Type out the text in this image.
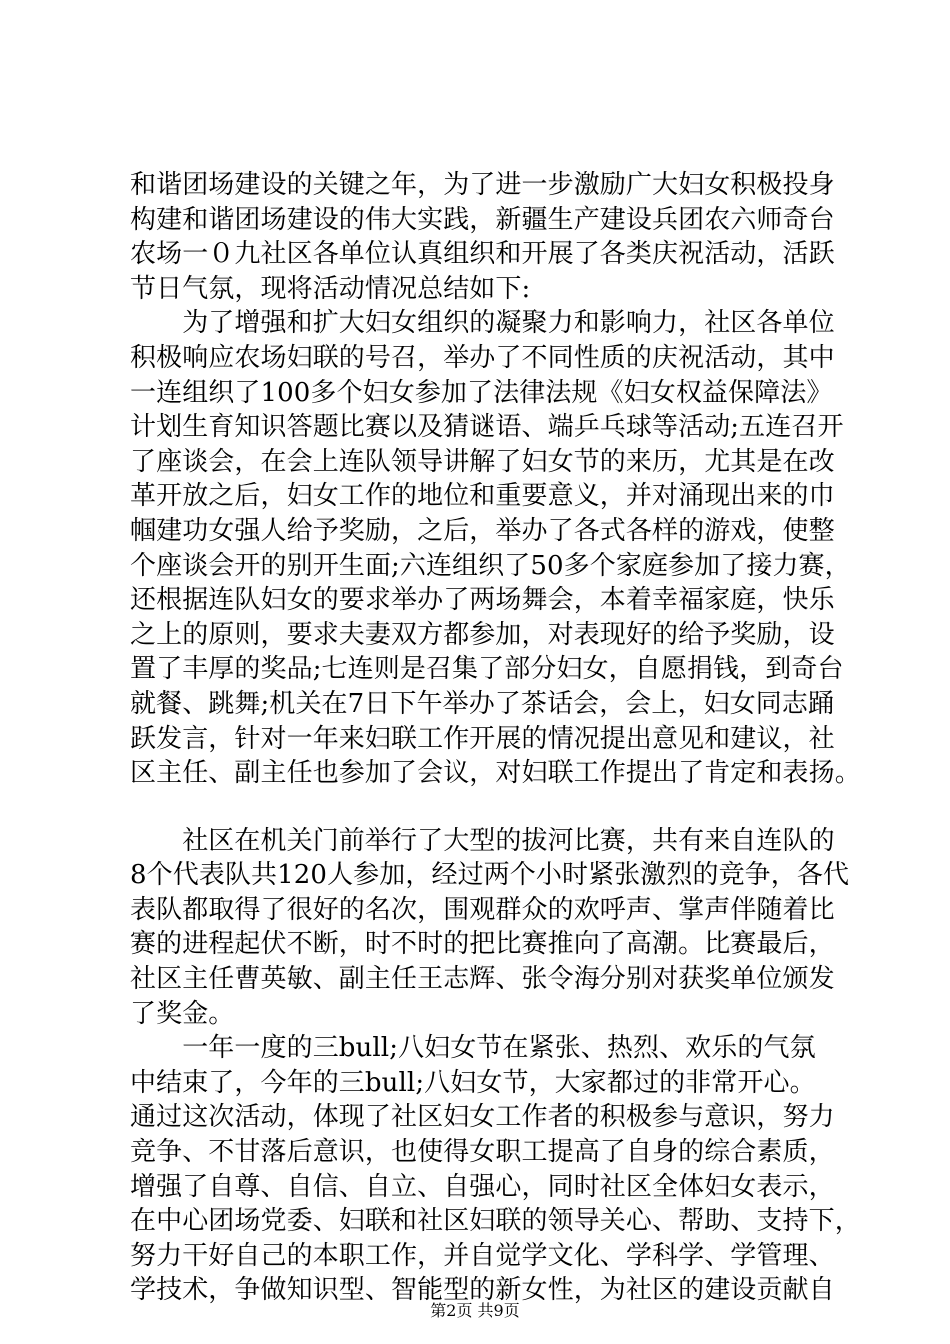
和谐团场建设的关键之年，为了进一步激励广大妇女积极投身
构建和谐团场建设的伟大实践，新疆生产建设兵团农六师奇台
农场一０九社区各单位认真组织和开展了各类庆祝活动，活跃
节日气氛，现将活动情况总结如下:
　　为了增强和扩大妇女组织的凝聚力和影响力，社区各单位
积极响应农场妇联的号召，举办了不同性质的庆祝活动，其中
一连组织了100多个妇女参加了法律法规《妇女权益保障法》
计划生育知识答题比赛以及猜谜语、端乒乓球等活动;五连召开
了座谈会，在会上连队领导讲解了妇女节的来历，尤其是在改
革开放之后，妇女工作的地位和重要意义，并对涌现出来的巾
帼建功女强人给予奖励，之后，举办了各式各样的游戏，使整
个座谈会开的别开生面;六连组织了50多个家庭参加了接力赛，
还根据连队妇女的要求举办了两场舞会，本着幸福家庭，快乐
之上的原则，要求夫妻双方都参加，对表现好的给予奖励，设
置了丰厚的奖品;七连则是召集了部分妇女，自愿捐钱，到奇台
就餐、跳舞;机关在7日下午举办了茶话会，会上，妇女同志踊
跃发言，针对一年来妇联工作开展的情况提出意见和建议，社
区主任、副主任也参加了会议，对妇联工作提出了肯定和表扬。
　　社区在机关门前举行了大型的拔河比赛，共有来自连队的
8个代表队共120人参加，经过两个小时紧张激烈的竞争，各代
表队都取得了很好的名次，围观群众的欢呼声、掌声伴随着比
赛的进程起伏不断，时不时的把比赛推向了高潮。比赛最后，
社区主任曹英敏、副主任王志辉、张令海分别对获奖单位颁发
了奖金。
　　一年一度的三bull;八妇女节在紧张、热烈、欢乐的气氛
中结束了，今年的三bull;八妇女节，大家都过的非常开心。
通过这次活动，体现了社区妇女工作者的积极参与意识，努力
竞争、不甘落后意识，也使得女职工提高了自身的综合素质，
增强了自尊、自信、自立、自强心，同时社区全体妇女表示，
在中心团场党委、妇联和社区妇联的领导关心、帮助、支持下，
努力干好自己的本职工作，并自觉学文化、学科学、学管理、
学技术，争做知识型、智能型的新女性，为社区的建设贡献自
第2页 共9页
